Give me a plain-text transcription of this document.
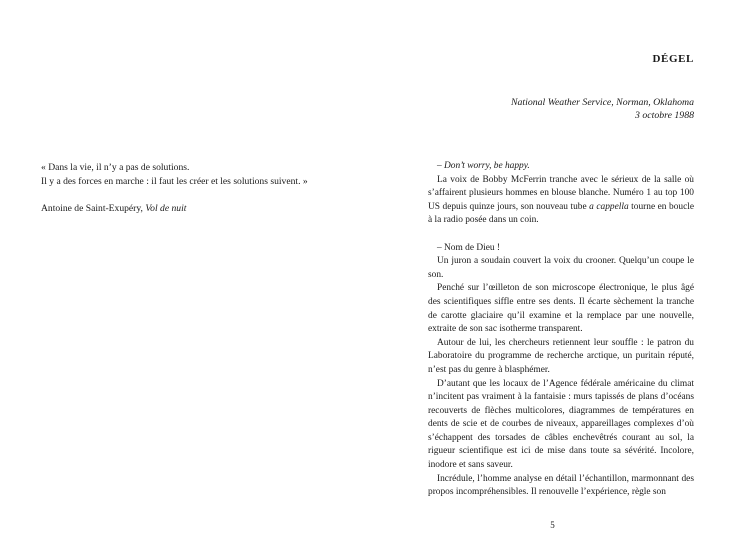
« Dans la vie, il n’y a pas de solutions.

Il y a des forces en marche : il faut les créer et les solutions suivent. »

Antoine de Saint-Exupéry, Vol de nuit

DÉGEL
National Weather Service, Norman, Oklahoma
3 octobre 1988

– Don’t worry, be happy.

La voix de Bobby McFerrin tranche avec le sérieux de la salle où s’affairent plusieurs hommes en blouse blanche. Numéro 1 au top 100 US depuis quinze jours, son nouveau tube a cappella tourne en boucle à la radio posée dans un coin.

– Nom de Dieu !

Un juron a soudain couvert la voix du crooner. Quelqu’un coupe le son.

Penché sur l’œilleton de son microscope électronique, le plus âgé des scientifiques siffle entre ses dents. Il écarte sèchement la tranche de carotte glaciaire qu’il examine et la remplace par une nouvelle, extraite de son sac isotherme transparent.

Autour de lui, les chercheurs retiennent leur souffle : le patron du Laboratoire du programme de recherche arctique, un puritain réputé, n’est pas du genre à blasphémer.

D’autant que les locaux de l’Agence fédérale américaine du climat n’incitent pas vraiment à la fantaisie : murs tapissés de plans d’océans recouverts de flèches multicolores, diagrammes de températures en dents de scie et de courbes de niveaux, appareillages complexes d’où s’échappent des torsades de câbles enchevêtrés courant au sol, la rigueur scientifique est ici de mise dans toute sa sévérité. Incolore, inodore et sans saveur.

Incrédule, l’homme analyse en détail l’échantillon, marmonnant des propos incompréhensibles. Il renouvelle l’expérience, règle son

5
